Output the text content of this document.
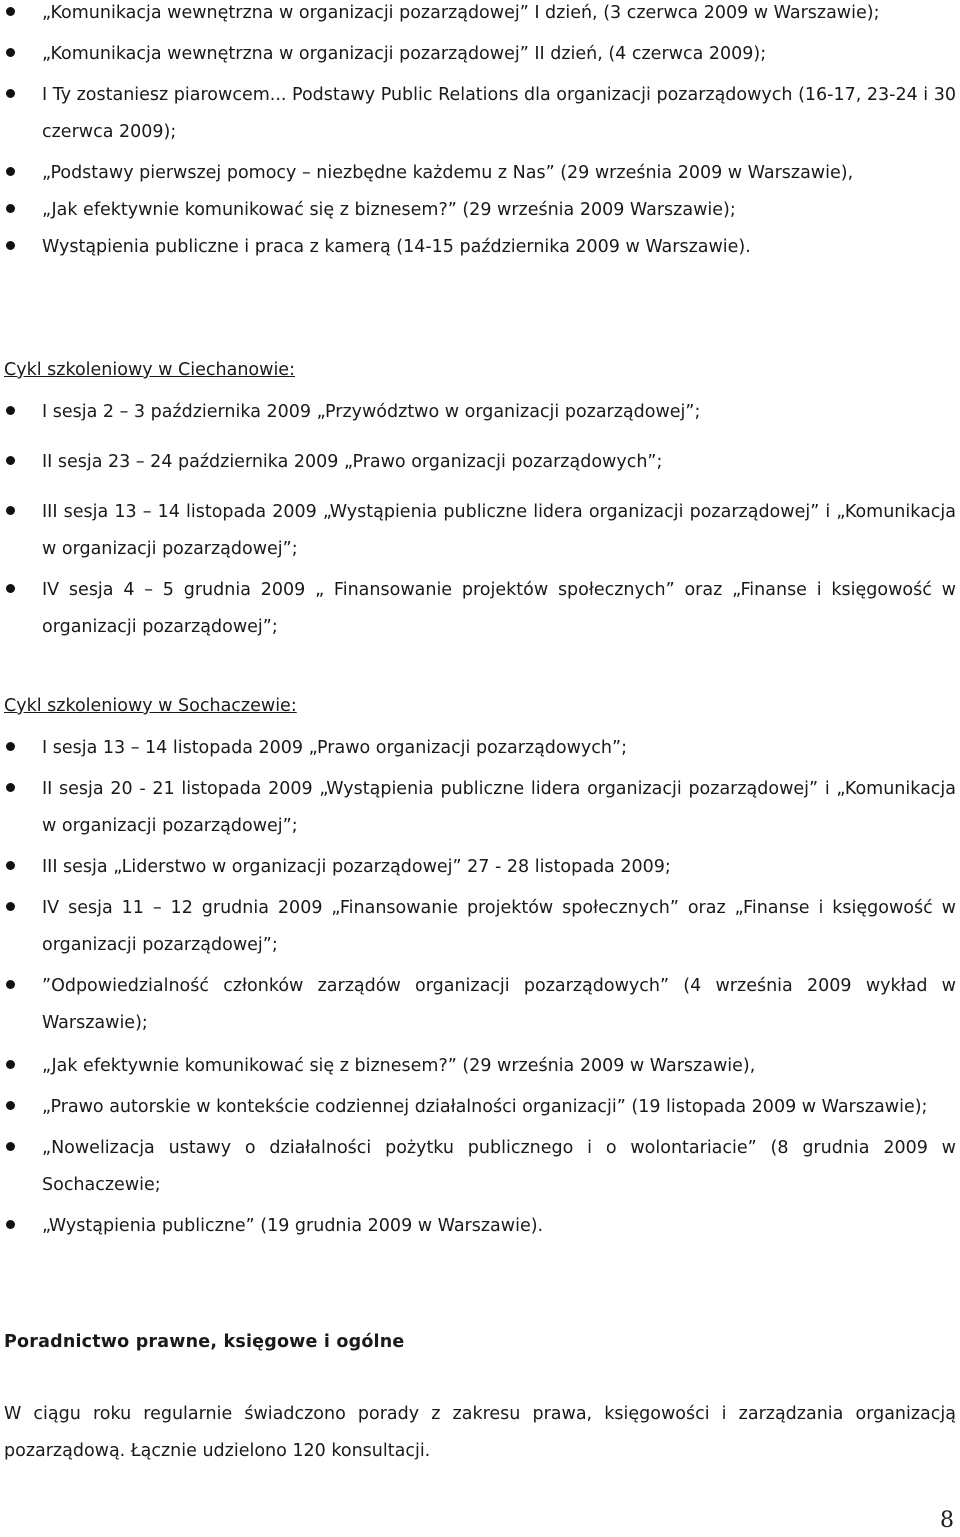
„Komunikacja wewnętrzna w organizacji pozarządowej” I dzień, (3 czerwca 2009 w Warszawie);
„Komunikacja wewnętrzna w organizacji pozarządowej” II dzień, (4 czerwca 2009);
I Ty zostaniesz piarowcem... Podstawy Public Relations dla organizacji pozarządowych (16-17, 23-24 i 30 czerwca 2009);
„Podstawy pierwszej pomocy – niezbędne każdemu z Nas” (29 września 2009 w Warszawie),
„Jak efektywnie komunikować się z biznesem?” (29 września 2009 Warszawie);
Wystąpienia publiczne i praca z kamerą (14-15 października 2009 w Warszawie).
Cykl szkoleniowy w Ciechanowie:
I sesja 2 – 3 października 2009 „Przywództwo w organizacji pozarządowej”;
II sesja 23 – 24 października 2009 „Prawo organizacji pozarządowych”;
III sesja 13 – 14 listopada 2009 „Wystąpienia publiczne lidera organizacji pozarządowej” i „Komunikacja w organizacji pozarządowej”;
IV sesja 4 – 5 grudnia 2009 „ Finansowanie projektów społecznych” oraz „Finanse i księgowość w organizacji pozarządowej”;
Cykl szkoleniowy w Sochaczewie:
I sesja 13 – 14 listopada 2009 „Prawo organizacji pozarządowych”;
II sesja 20 - 21 listopada 2009 „Wystąpienia publiczne lidera organizacji pozarządowej” i „Komunikacja w organizacji pozarządowej”;
III sesja „Liderstwo w organizacji pozarządowej” 27 - 28 listopada 2009;
IV sesja 11 – 12 grudnia 2009 „Finansowanie projektów społecznych” oraz „Finanse i księgowość w organizacji pozarządowej”;
”Odpowiedzialność członków zarządów organizacji pozarządowych” (4 września 2009 wykład w Warszawie);
„Jak efektywnie komunikować się z biznesem?” (29 września 2009 w Warszawie),
„Prawo autorskie w kontekście codziennej działalności organizacji” (19 listopada 2009 w Warszawie);
„Nowelizacja ustawy o działalności pożytku publicznego i o wolontariacie” (8 grudnia 2009 w Sochaczewie;
„Wystąpienia publiczne” (19 grudnia 2009 w Warszawie).
Poradnictwo prawne, księgowe i ogólne
W ciągu roku regularnie świadczono porady z zakresu prawa, księgowości i zarządzania organizacją pozarządową. Łącznie udzielono 120 konsultacji.
8
